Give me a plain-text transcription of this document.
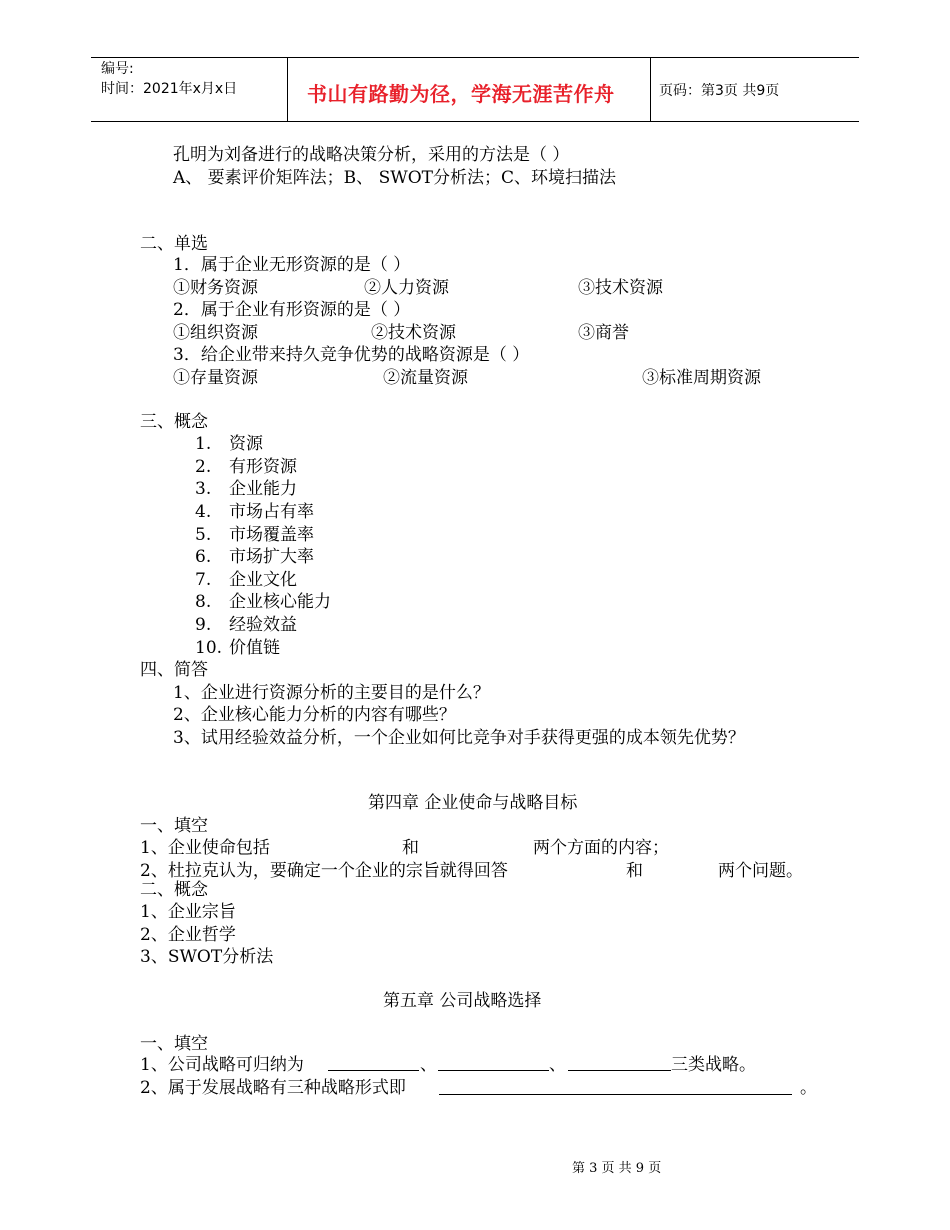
编号:
时间：2021年x月x日	书山有路勤为径，学海无涯苦作舟	页码：第3页 共9页
孔明为刘备进行的战略决策分析，采用的方法是（ ）
A、 要素评价矩阵法；B、 SWOT分析法；C、环境扫描法
二、单选
1．属于企业无形资源的是（ ）
①财务资源	②人力资源	③技术资源
2．属于企业有形资源的是（ ）
①组织资源	②技术资源	③商誉
3．给企业带来持久竞争优势的战略资源是（ ）
①存量资源	②流量资源	③标准周期资源
三、概念
1. 资源
2. 有形资源
3. 企业能力
4. 市场占有率
5. 市场覆盖率
6. 市场扩大率
7. 企业文化
8. 企业核心能力
9. 经验效益
10. 价值链
四、简答
1、企业进行资源分析的主要目的是什么？
2、企业核心能力分析的内容有哪些？
3、试用经验效益分析，一个企业如何比竞争对手获得更强的成本领先优势？
第四章 企业使命与战略目标
一、填空
1、企业使命包括	和	两个方面的内容；
2、杜拉克认为，要确定一个企业的宗旨就得回答	和	两个问题。
二、概念
1、企业宗旨
2、企业哲学
3、SWOT分析法
第五章 公司战略选择
一、填空
1、公司战略可归纳为	、	、	三类战略。
2、属于发展战略有三种战略形式即	。
第 3 页 共 9 页
